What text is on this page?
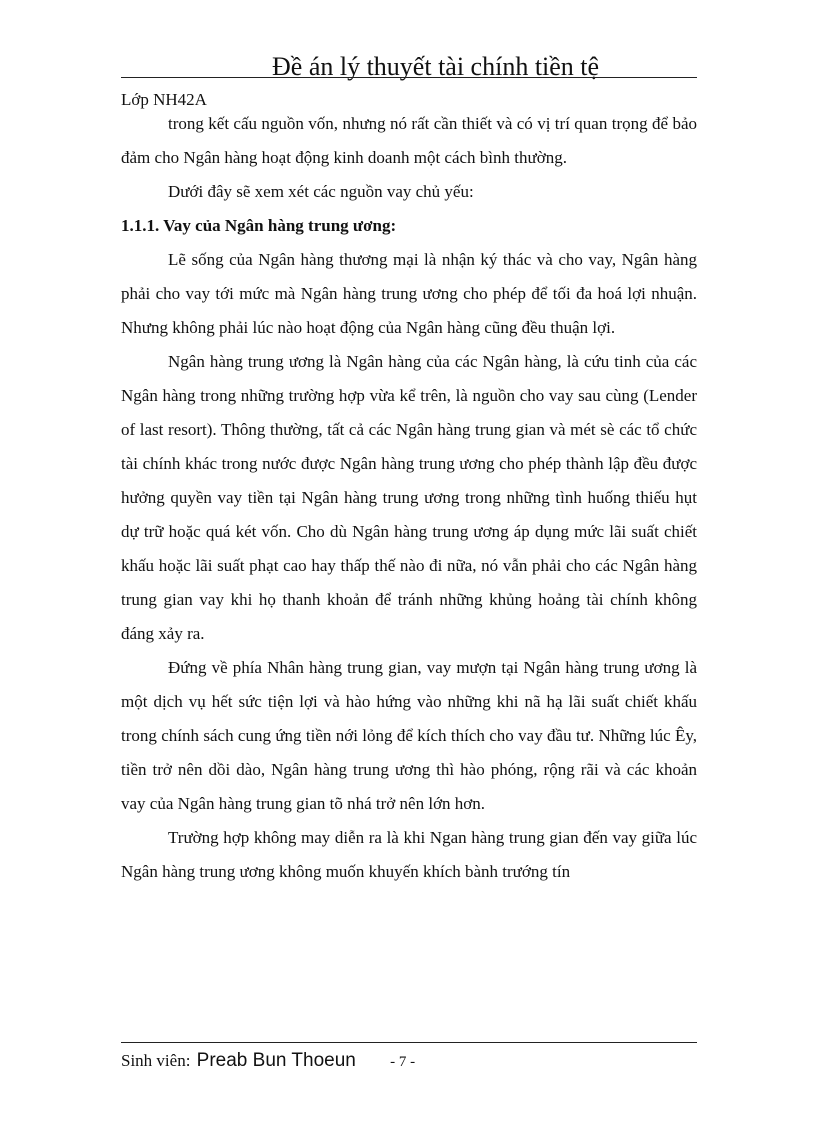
Đề án lý thuyết tài chính tiền tệ
Lớp NH42A

trong kết cấu nguồn vốn, nhưng nó rất cần thiết và có vị trí quan trọng để bảo đảm cho Ngân hàng hoạt động kinh doanh một cách bình thường.

Dưới đây sẽ xem xét các nguồn vay chủ yếu:

1.1.1. Vay của Ngân hàng trung ương:

Lẽ sống của Ngân hàng thương mại là nhận ký thác và cho vay, Ngân hàng phải cho vay tới mức mà Ngân hàng trung ương cho phép để tối đa hoá lợi nhuận. Nhưng không phải lúc nào hoạt động của Ngân hàng cũng đều thuận lợi.

Ngân hàng trung ương là Ngân hàng của các Ngân hàng, là cứu tinh của các Ngân hàng trong những trường hợp vừa kể trên, là nguồn cho vay sau cùng (Lender of last resort). Thông thường, tất cả các Ngân hàng trung gian và mét sè các tổ chức tài chính khác trong nước được Ngân hàng trung ương cho phép thành lập đều được hưởng quyền vay tiền tại Ngân hàng trung ương trong những tình huống thiếu hụt dự trữ hoặc quá két vốn. Cho dù Ngân hàng trung ương áp dụng mức lãi suất chiết khấu hoặc lãi suất phạt cao hay thấp thế nào đi nữa, nó vẫn phải cho các Ngân hàng trung gian vay khi họ thanh khoản để tránh những khủng hoảng tài chính không đáng xảy ra.

Đứng về phía Nhân hàng trung gian, vay mượn tại Ngân hàng trung ương là một dịch vụ hết sức tiện lợi và hào hứng vào những khi nã hạ lãi suất chiết khấu trong chính sách cung ứng tiền nới lỏng để kích thích cho vay đầu tư. Những lúc Êy, tiền trở nên dồi dào, Ngân hàng trung ương thì hào phóng, rộng rãi và các khoản vay của Ngân hàng trung gian tõ nhá trở nên lớn hơn.

Trường hợp không may diễn ra là khi Ngan hàng trung gian đến vay giữa lúc Ngân hàng trung ương không muốn khuyến khích bành trướng tín

Sinh viên: Preab Bun Thoeun - 7 -
